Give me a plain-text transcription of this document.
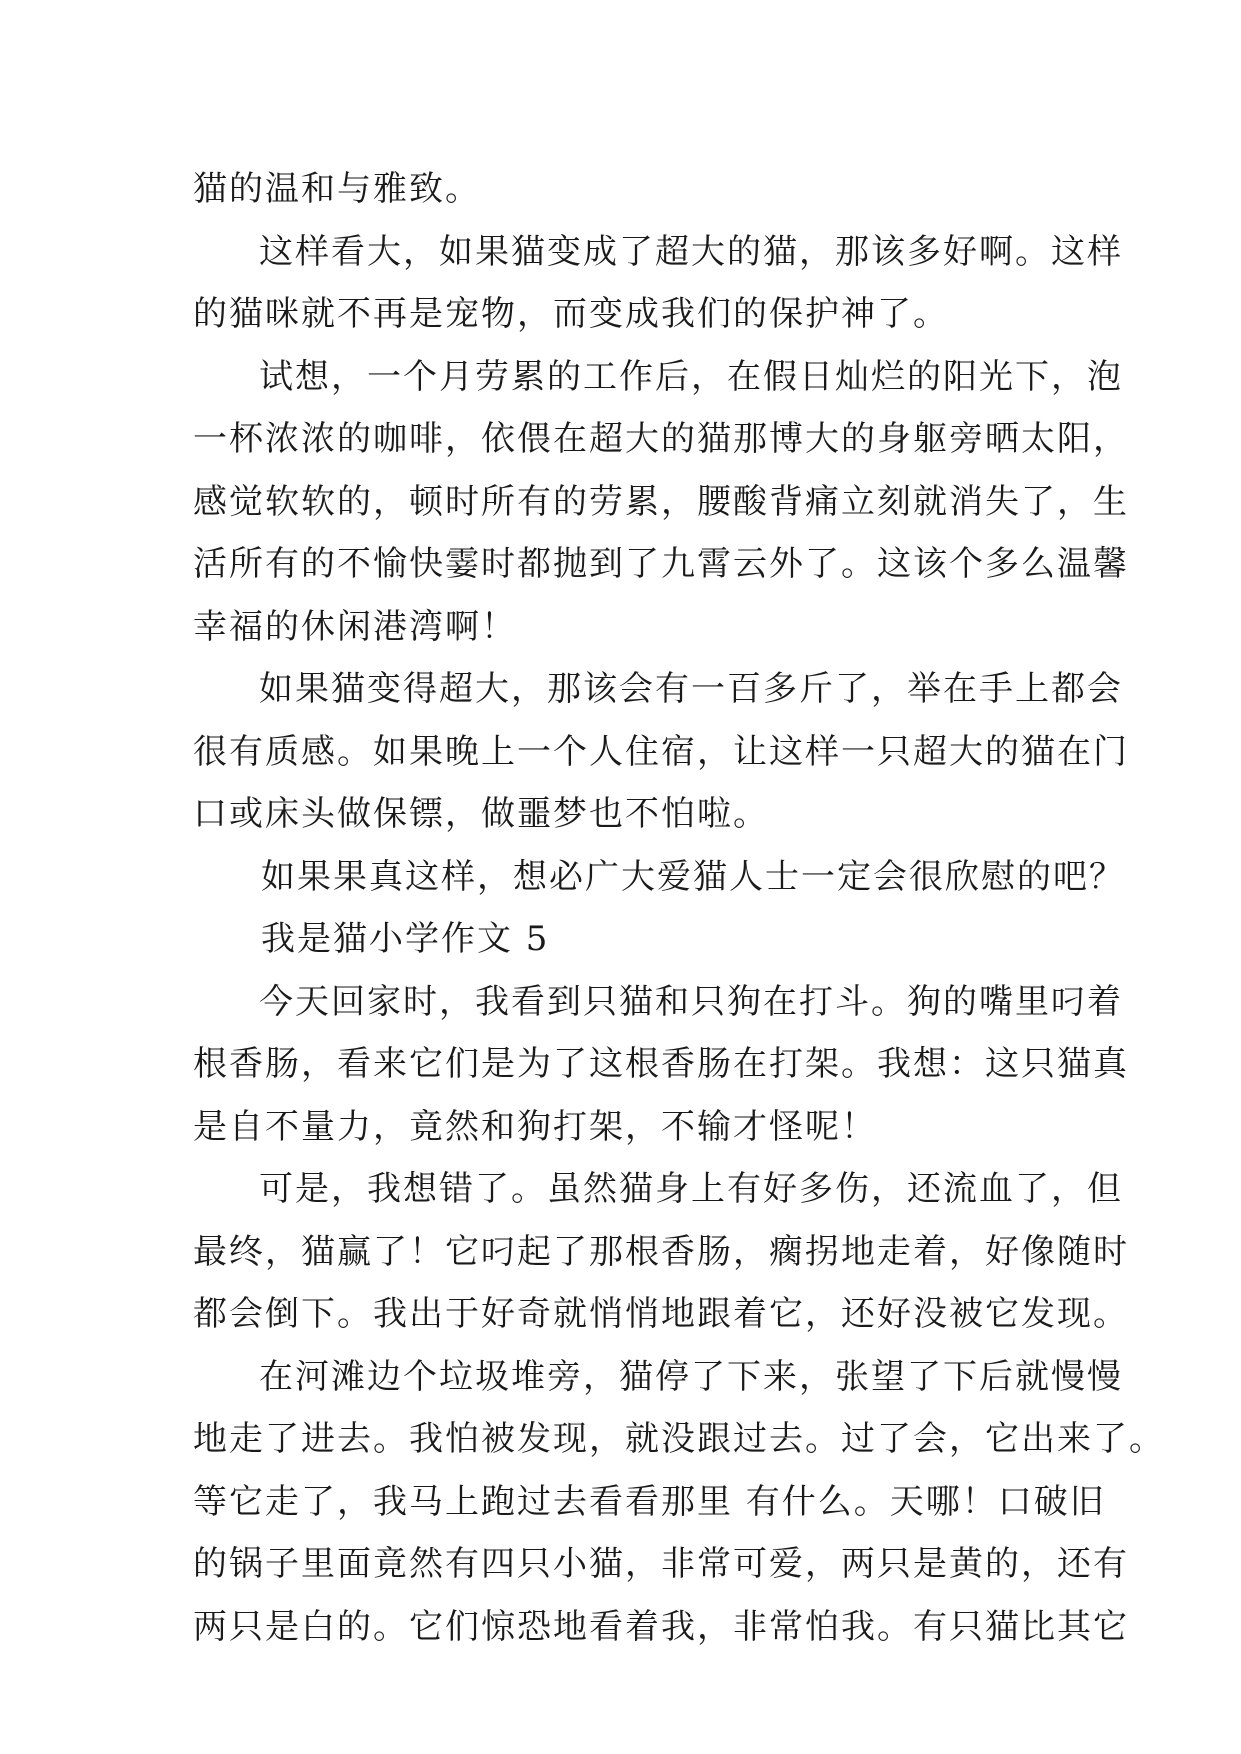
猫的温和与雅致。
这样看大，如果猫变成了超大的猫，那该多好啊。这样
的猫咪就不再是宠物，而变成我们的保护神了。
试想，一个月劳累的工作后，在假日灿烂的阳光下，泡
一杯浓浓的咖啡，依偎在超大的猫那博大的身躯旁晒太阳，
感觉软软的，顿时所有的劳累，腰酸背痛立刻就消失了，生
活所有的不愉快霎时都抛到了九霄云外了。这该个多么温馨
幸福的休闲港湾啊！
如果猫变得超大，那该会有一百多斤了，举在手上都会
很有质感。如果晚上一个人住宿，让这样一只超大的猫在门
口或床头做保镖，做噩梦也不怕啦。
如果果真这样，想必广大爱猫人士一定会很欣慰的吧？
我是猫小学作文 5
今天回家时，我看到只猫和只狗在打斗。狗的嘴里叼着
根香肠，看来它们是为了这根香肠在打架。我想：这只猫真
是自不量力，竟然和狗打架，不输才怪呢！
可是，我想错了。虽然猫身上有好多伤，还流血了，但
最终，猫赢了！它叼起了那根香肠，瘸拐地走着，好像随时
都会倒下。我出于好奇就悄悄地跟着它，还好没被它发现。
在河滩边个垃圾堆旁，猫停了下来，张望了下后就慢慢
地走了进去。我怕被发现，就没跟过去。过了会，它出来了。
等它走了，我马上跑过去看看那里 有什么。天哪！口破旧
的锅子里面竟然有四只小猫，非常可爱，两只是黄的，还有
两只是白的。它们惊恐地看着我，非常怕我。有只猫比其它
